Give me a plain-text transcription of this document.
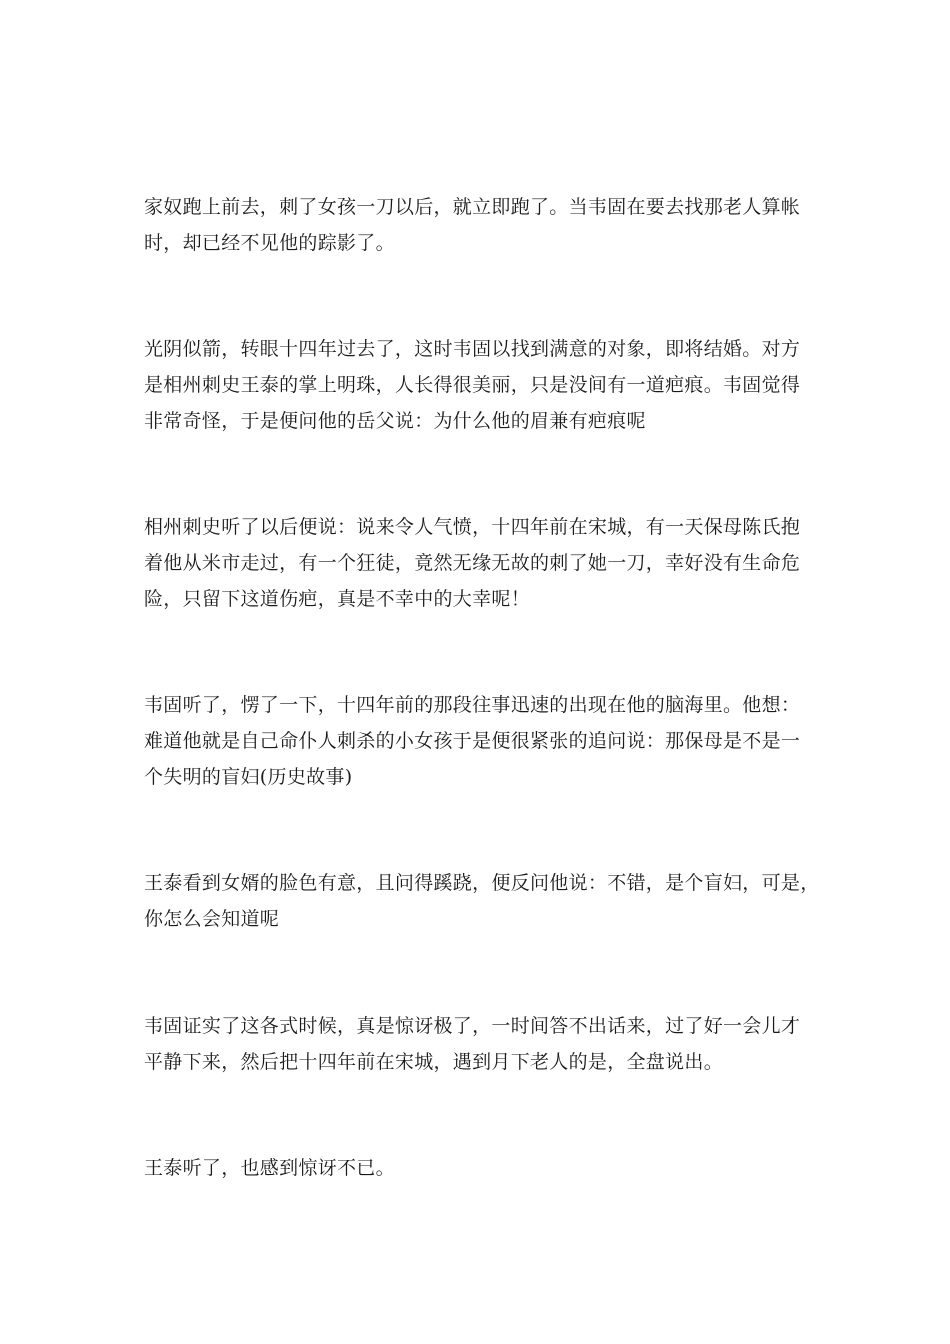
家奴跑上前去，刺了女孩一刀以后，就立即跑了。当韦固在要去找那老人算帐
时，却已经不见他的踪影了。
光阴似箭，转眼十四年过去了，这时韦固以找到满意的对象，即将结婚。对方
是相州刺史王泰的掌上明珠，人长得很美丽，只是没间有一道疤痕。韦固觉得
非常奇怪，于是便问他的岳父说：为什么他的眉兼有疤痕呢
相州刺史听了以后便说：说来令人气愤，十四年前在宋城，有一天保母陈氏抱
着他从米市走过，有一个狂徒，竟然无缘无故的刺了她一刀，幸好没有生命危
险，只留下这道伤疤，真是不幸中的大幸呢！
韦固听了，愣了一下，十四年前的那段往事迅速的出现在他的脑海里。他想：
难道他就是自己命仆人刺杀的小女孩于是便很紧张的追问说：那保母是不是一
个失明的盲妇(历史故事)
王泰看到女婿的脸色有意，且问得蹊跷，便反问他说：不错，是个盲妇，可是，
你怎么会知道呢
韦固证实了这各式时候，真是惊讶极了，一时间答不出话来，过了好一会儿才
平静下来，然后把十四年前在宋城，遇到月下老人的是，全盘说出。
王泰听了，也感到惊讶不已。
